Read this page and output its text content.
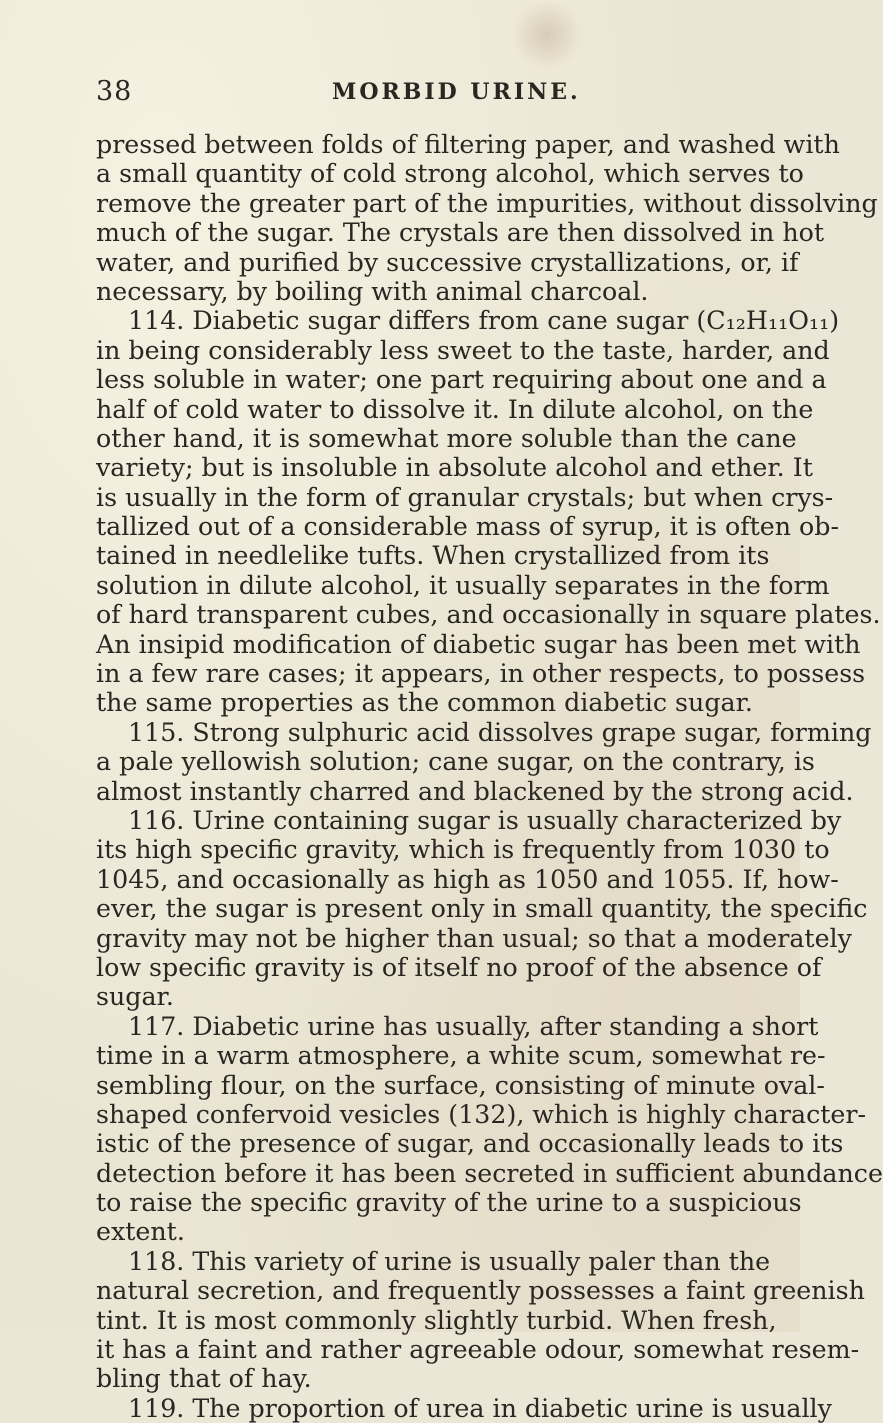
38	MORBID URINE.
pressed between folds of filtering paper, and washed with
a small quantity of cold strong alcohol, which serves to
remove the greater part of the impurities, without dissolving
much of the sugar. The crystals are then dissolved in hot
water, and purified by successive crystallizations, or, if
necessary, by boiling with animal charcoal.
114. Diabetic sugar differs from cane sugar (C₁₂H₁₁O₁₁)
in being considerably less sweet to the taste, harder, and
less soluble in water; one part requiring about one and a
half of cold water to dissolve it. In dilute alcohol, on the
other hand, it is somewhat more soluble than the cane
variety; but is insoluble in absolute alcohol and ether. It
is usually in the form of granular crystals; but when crys-
tallized out of a considerable mass of syrup, it is often ob-
tained in needlelike tufts. When crystallized from its
solution in dilute alcohol, it usually separates in the form
of hard transparent cubes, and occasionally in square plates.
An insipid modification of diabetic sugar has been met with
in a few rare cases; it appears, in other respects, to possess
the same properties as the common diabetic sugar.
115. Strong sulphuric acid dissolves grape sugar, forming
a pale yellowish solution; cane sugar, on the contrary, is
almost instantly charred and blackened by the strong acid.
116. Urine containing sugar is usually characterized by
its high specific gravity, which is frequently from 1030 to
1045, and occasionally as high as 1050 and 1055. If, how-
ever, the sugar is present only in small quantity, the specific
gravity may not be higher than usual; so that a moderately
low specific gravity is of itself no proof of the absence of
sugar.
117. Diabetic urine has usually, after standing a short
time in a warm atmosphere, a white scum, somewhat re-
sembling flour, on the surface, consisting of minute oval-
shaped confervoid vesicles (132), which is highly character-
istic of the presence of sugar, and occasionally leads to its
detection before it has been secreted in sufficient abundance
to raise the specific gravity of the urine to a suspicious
extent.
118. This variety of urine is usually paler than the
natural secretion, and frequently possesses a faint greenish
tint. It is most commonly slightly turbid. When fresh,
it has a faint and rather agreeable odour, somewhat resem-
bling that of hay.
119. The proportion of urea in diabetic urine is usually
